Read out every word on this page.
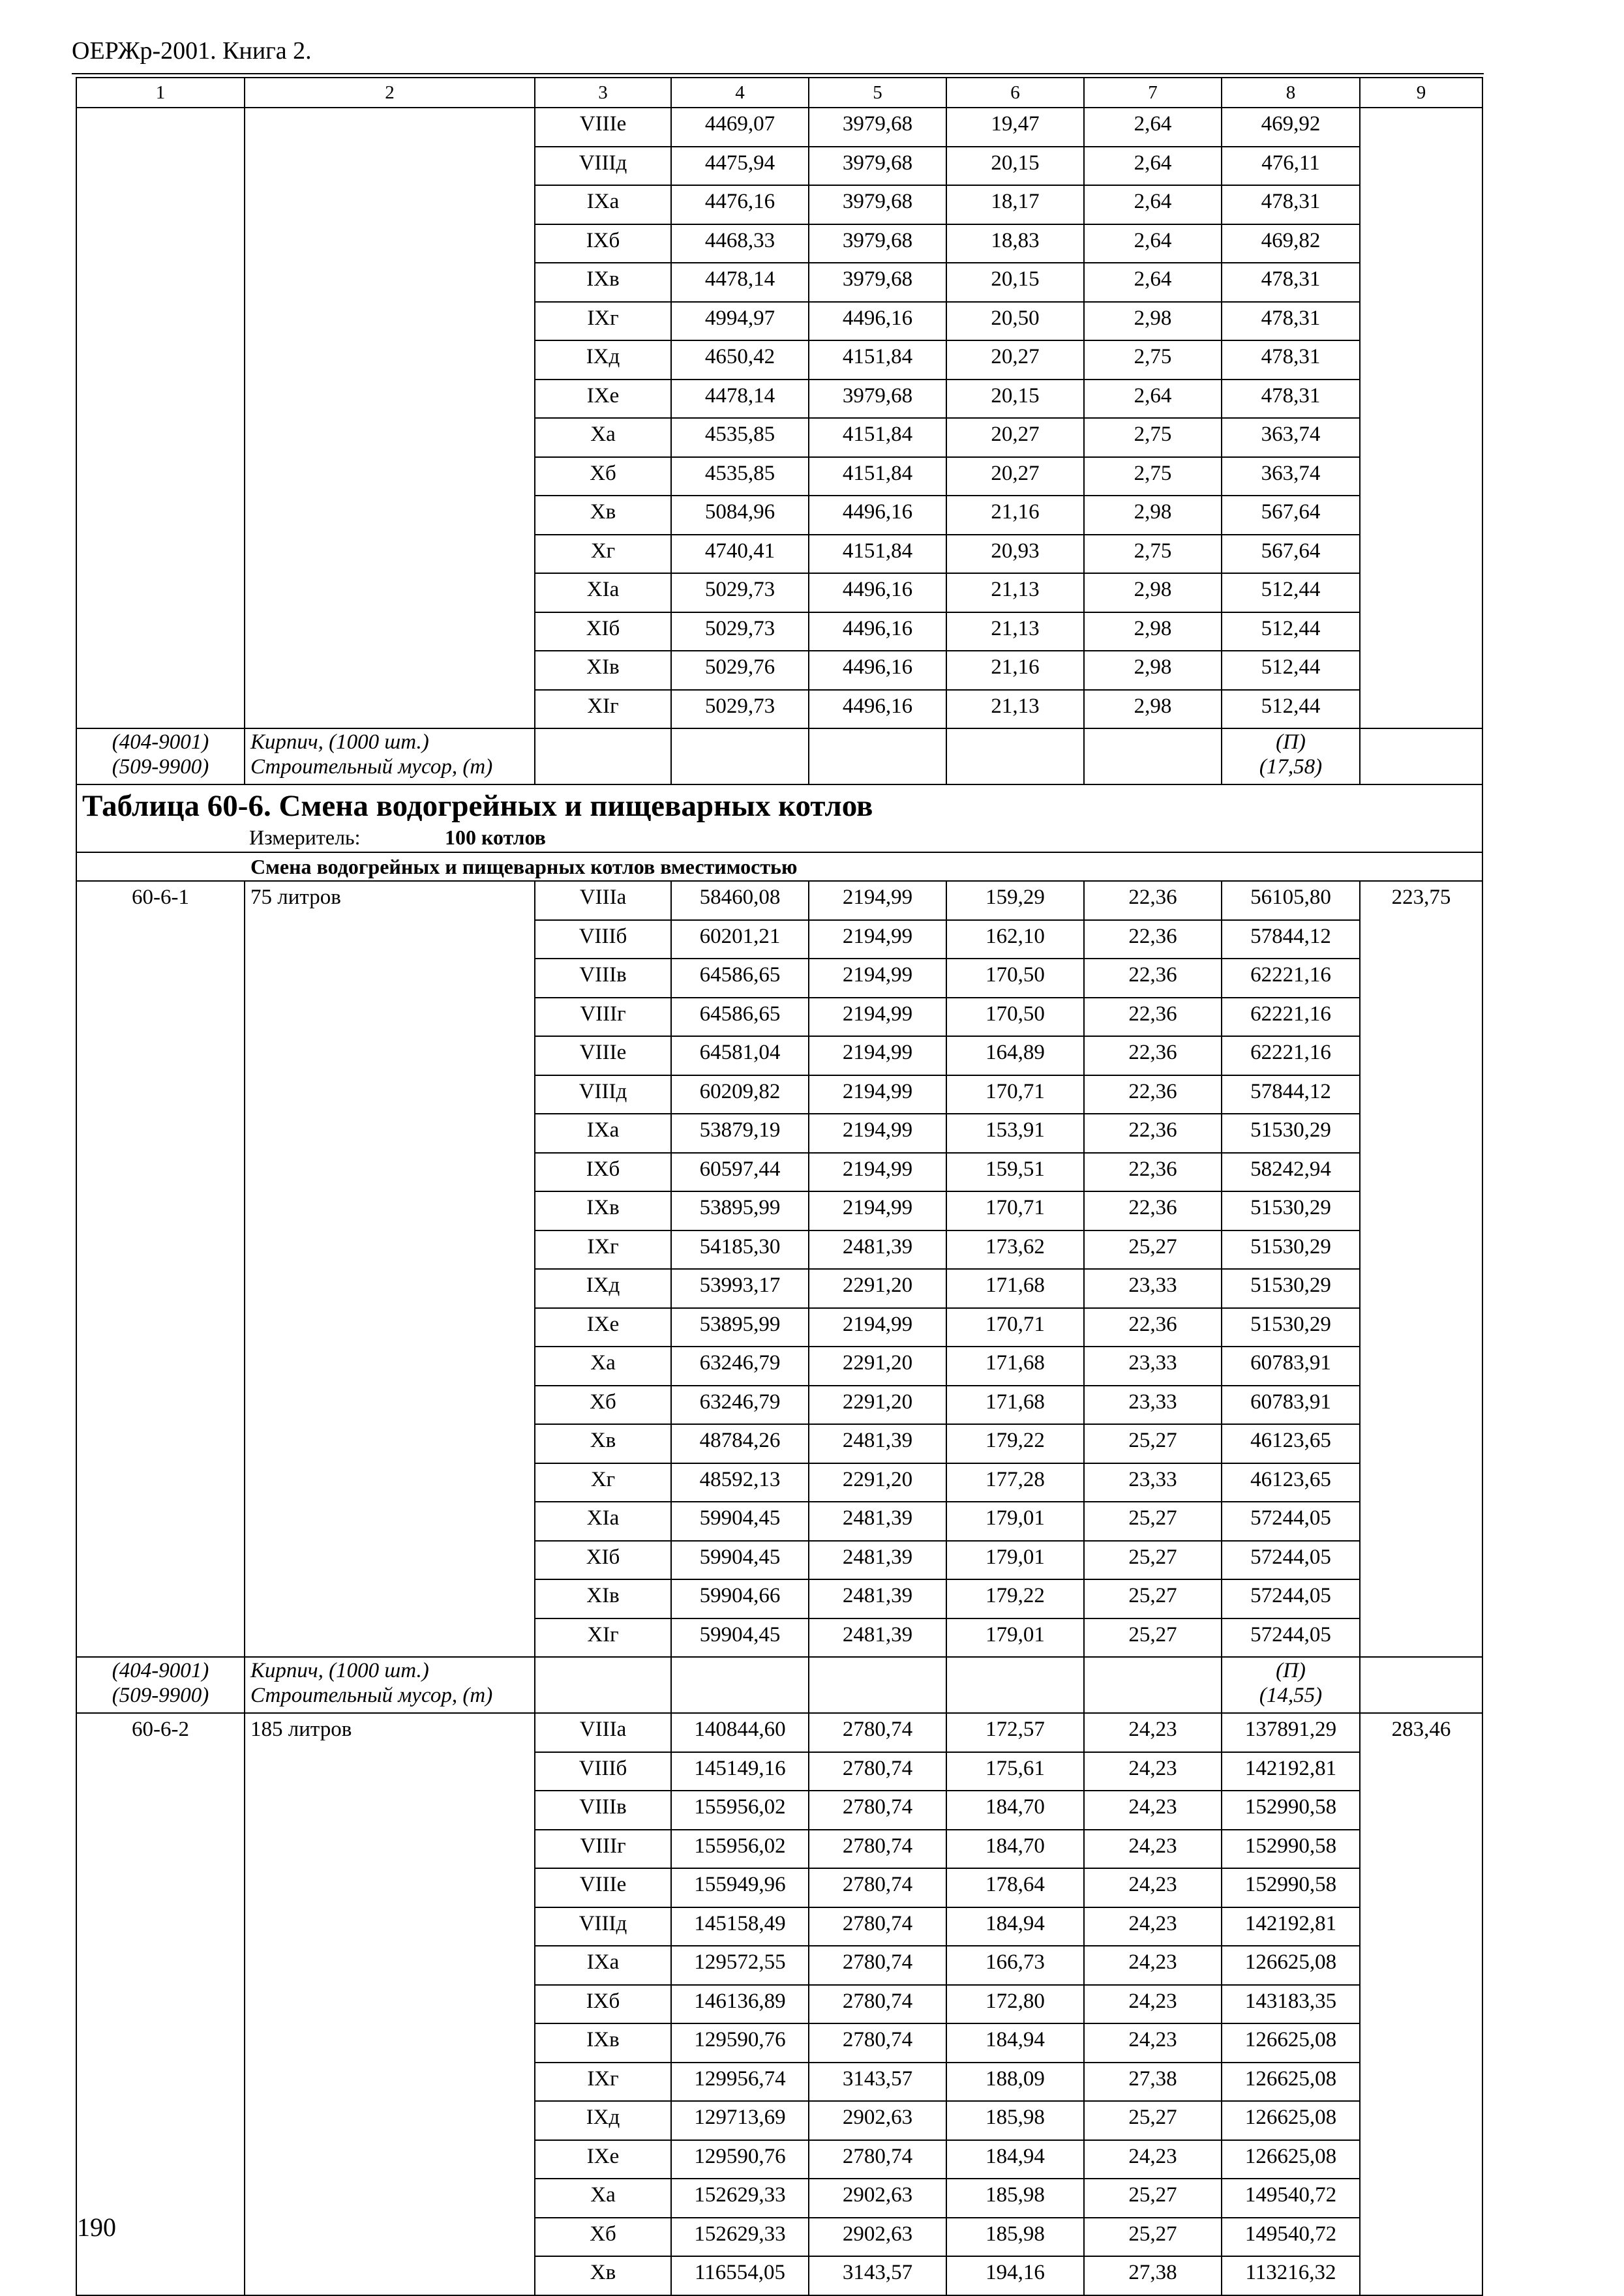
ОЕРЖр-2001. Книга 2.
1	2	3	4	5	6	7	8	9
		VIIIе	4469,07	3979,68	19,47	2,64	469,92	
		VIIIд	4475,94	3979,68	20,15	2,64	476,11	
		IXа	4476,16	3979,68	18,17	2,64	478,31	
		IXб	4468,33	3979,68	18,83	2,64	469,82	
		IXв	4478,14	3979,68	20,15	2,64	478,31	
		IXг	4994,97	4496,16	20,50	2,98	478,31	
		IXд	4650,42	4151,84	20,27	2,75	478,31	
		IXе	4478,14	3979,68	20,15	2,64	478,31	
		Xа	4535,85	4151,84	20,27	2,75	363,74	
		Xб	4535,85	4151,84	20,27	2,75	363,74	
		Xв	5084,96	4496,16	21,16	2,98	567,64	
		Xг	4740,41	4151,84	20,93	2,75	567,64	
		XIа	5029,73	4496,16	21,13	2,98	512,44	
		XIб	5029,73	4496,16	21,13	2,98	512,44	
		XIв	5029,76	4496,16	21,16	2,98	512,44	
		XIг	5029,73	4496,16	21,13	2,98	512,44	
(404-9001)	Кирпич, (1000 шт.)						(П)	
(509-9900)	Строительный мусор, (т)						(17,58)	
Таблица 60-6. Смена водогрейных и пищеварных котлов								
Измеритель: 100 котлов								
Смена водогрейных и пищеварных котлов вместимостью								
60-6-1	75 литров	VIIIа	58460,08	2194,99	159,29	22,36	56105,80	223,75
		VIIIб	60201,21	2194,99	162,10	22,36	57844,12	
		VIIIв	64586,65	2194,99	170,50	22,36	62221,16	
		VIIIг	64586,65	2194,99	170,50	22,36	62221,16	
		VIIIе	64581,04	2194,99	164,89	22,36	62221,16	
		VIIIд	60209,82	2194,99	170,71	22,36	57844,12	
		IXа	53879,19	2194,99	153,91	22,36	51530,29	
		IXб	60597,44	2194,99	159,51	22,36	58242,94	
		IXв	53895,99	2194,99	170,71	22,36	51530,29	
		IXг	54185,30	2481,39	173,62	25,27	51530,29	
		IXд	53993,17	2291,20	171,68	23,33	51530,29	
		IXе	53895,99	2194,99	170,71	22,36	51530,29	
		Xа	63246,79	2291,20	171,68	23,33	60783,91	
		Xб	63246,79	2291,20	171,68	23,33	60783,91	
		Xв	48784,26	2481,39	179,22	25,27	46123,65	
		Xг	48592,13	2291,20	177,28	23,33	46123,65	
		XIа	59904,45	2481,39	179,01	25,27	57244,05	
		XIб	59904,45	2481,39	179,01	25,27	57244,05	
		XIв	59904,66	2481,39	179,22	25,27	57244,05	
		XIг	59904,45	2481,39	179,01	25,27	57244,05	
(404-9001)	Кирпич, (1000 шт.)						(П)	
(509-9900)	Строительный мусор, (т)						(14,55)	
60-6-2	185 литров	VIIIа	140844,60	2780,74	172,57	24,23	137891,29	283,46
		VIIIб	145149,16	2780,74	175,61	24,23	142192,81	
		VIIIв	155956,02	2780,74	184,70	24,23	152990,58	
		VIIIг	155956,02	2780,74	184,70	24,23	152990,58	
		VIIIе	155949,96	2780,74	178,64	24,23	152990,58	
		VIIIд	145158,49	2780,74	184,94	24,23	142192,81	
		IXа	129572,55	2780,74	166,73	24,23	126625,08	
		IXб	146136,89	2780,74	172,80	24,23	143183,35	
		IXв	129590,76	2780,74	184,94	24,23	126625,08	
		IXг	129956,74	3143,57	188,09	27,38	126625,08	
		IXд	129713,69	2902,63	185,98	25,27	126625,08	
		IXе	129590,76	2780,74	184,94	24,23	126625,08	
		Xа	152629,33	2902,63	185,98	25,27	149540,72	
		Xб	152629,33	2902,63	185,98	25,27	149540,72	
		Xв	116554,05	3143,57	194,16	27,38	113216,32	
190
